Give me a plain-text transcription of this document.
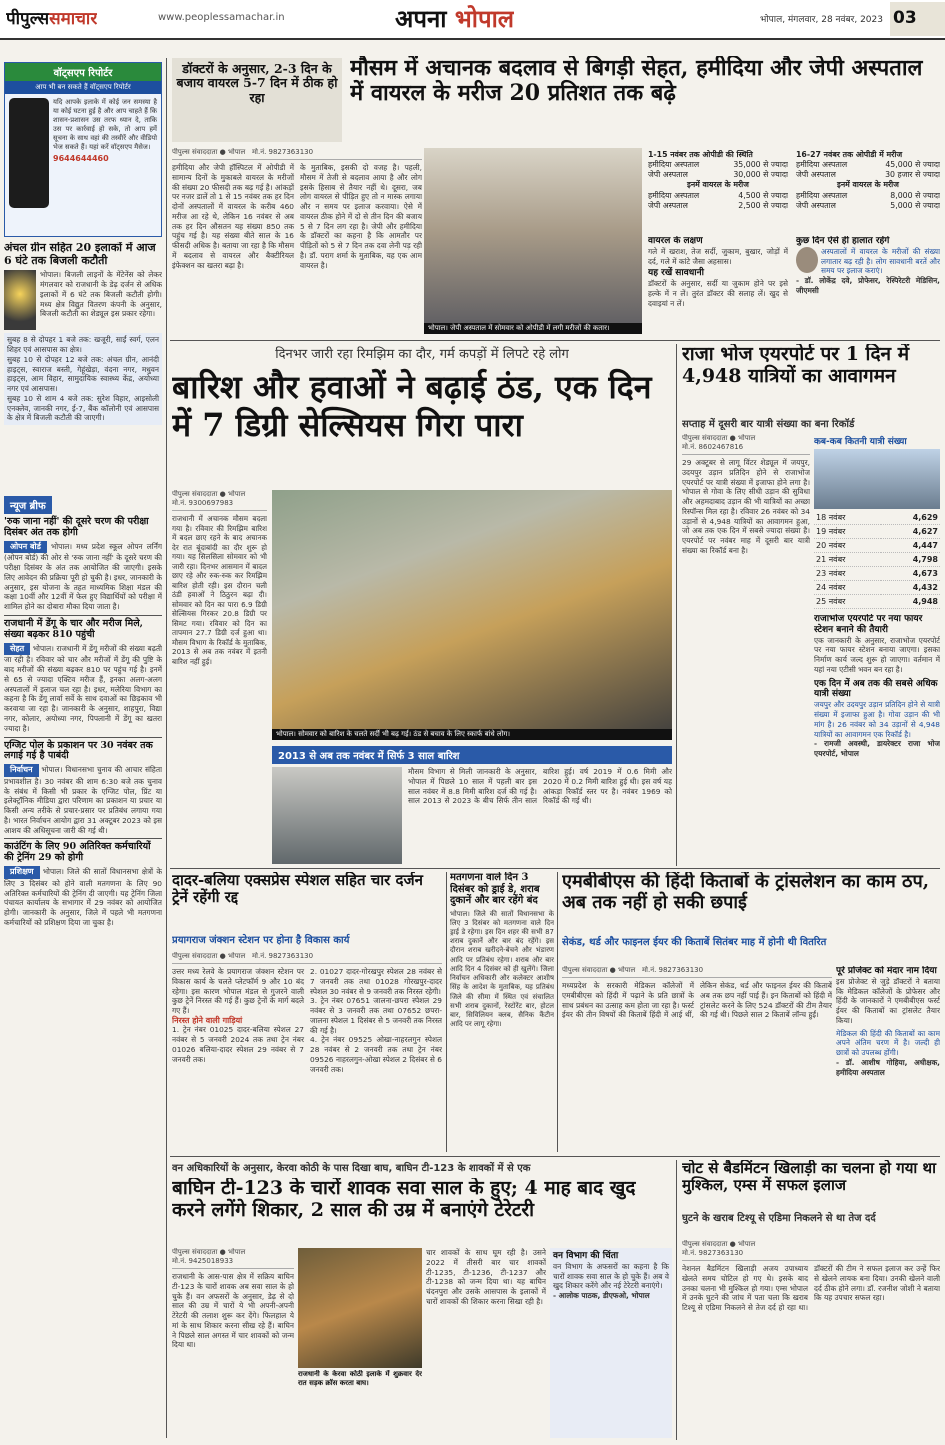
पीपुल्ससमाचार	www.peoplessamachar.in	अपना भोपाल	भोपाल, मंगलवार, 28 नवंबर, 2023 03
वॉट्सएप रिपोर्टर
आप भी बन सकते हैं वॉट्सएप रिपोर्टर
यदि आपके इलाके में कोई जन समस्या है या कोई घटना हुई है और आप चाहते हैं कि शासन-प्रशासन उस तरफ ध्यान दे, ताकि उस पर कार्रवाई हो सके, तो आप हमें सूचना के साथ वहां की तस्वीरें और वीडियो भेज सकते हैं। यहां करें वॉट्सएप मैसेज।
9644644460
अंचल ग्रीन सहित 20 इलाकों में आज 6 घंटे तक बिजली कटौती
भोपाल। बिजली लाइनों के मेंटेनेंस को लेकर मंगलवार को राजधानी के डेढ़ दर्जन से अधिक इलाकों में 6 घंटे तक बिजली कटौती होगी। मध्य क्षेत्र विद्युत वितरण कंपनी के अनुसार, बिजली कटौती का शेड्यूल इस प्रकार रहेगा।
सुबह 8 से दोपहर 1 बजे तक: खजूरी, साईं स्वर्ग, एलन शिहर एवं आसपास का क्षेत्र।
सुबह 10 से दोपहर 12 बजे तक: अंचल ग्रीन, आनंदी हाइट्स, स्वाराज बस्ती, गेहूंखेड़ा, वंदना नगर, मधुवन हाइट्स, आम विहार, सामुदायिक स्वास्थ्य केंद्र, अयोध्या नगर एवं आसपास।
सुबह 10 से शाम 4 बजे तक: सुरेश विहार, आइसोली एनक्लेव, जानकी नगर, ई-7, बैंक कॉलोनी एवं आसपास के क्षेत्र में बिजली कटौती की जाएगी।
न्यूज ब्रीफ
'रुक जाना नहीं' की दूसरे चरण की परीक्षा दिसंबर अंत तक होगी
ओपन बोर्ड भोपाल। मध्य प्रदेश स्कूल ओपन लर्निंग (ओपन बोर्ड) की ओर से 'रुक जाना नहीं' के दूसरे चरण की परीक्षा दिसंबर के अंत तक आयोजित की जाएगी। इसके लिए आवेदन की प्रक्रिया पूरी हो चुकी है। इधर, जानकारी के अनुसार, इस योजना के तहत माध्यमिक शिक्षा मंडल की कक्षा 10वीं और 12वीं में फेल हुए विद्यार्थियों को परीक्षा में शामिल होने का दोबारा मौका दिया जाता है।
राजधानी में डेंगू के चार और मरीज मिले, संख्या बढ़कर 810 पहुंची
सेहत भोपाल। राजधानी में डेंगू मरीजों की संख्या बढ़ती जा रही है। रविवार को चार और मरीजों में डेंगू की पुष्टि के बाद मरीजों की संख्या बढ़कर 810 पर पहुंच गई है। इनमें से 65 से ज्यादा एक्टिव मरीज हैं, इनका अलग-अलग अस्पतालों में इलाज चल रहा है। इधर, मलेरिया विभाग का कहना है कि डेंगू लार्वा सर्वे के साथ दवाओं का छिड़काव भी करवाया जा रहा है। जानकारी के अनुसार, शाहपुरा, विद्या नगर, कोलार, अयोध्या नगर, पिपलानी में डेंगू का खतरा ज्यादा है।
एग्जिट पोल के प्रकाशन पर 30 नवंबर तक लगाई गई है पाबंदी
निर्वाचन भोपाल। विधानसभा चुनाव की आचार संहिता प्रभावशील है। 30 नवंबर की शाम 6:30 बजे तक चुनाव के संबंध में किसी भी प्रकार के एग्जिट पोल, प्रिंट या इलेक्ट्रॉनिक मीडिया द्वारा परिणाम का प्रकाशन या प्रचार या किसी अन्य तरीके से प्रचार-प्रसार पर प्रतिबंध लगाया गया है। भारत निर्वाचन आयोग द्वारा 31 अक्टूबर 2023 को इस आशय की अधिसूचना जारी की गई थी।
काउंटिंग के लिए 90 अतिरिक्त कर्मचारियों की ट्रेनिंग 29 को होगी
प्रशिक्षण भोपाल। जिले की सातों विधानसभा क्षेत्रों के लिए 3 दिसंबर को होने वाली मतगणना के लिए 90 अतिरिक्त कर्मचारियों की ट्रेनिंग दी जाएगी। यह ट्रेनिंग जिला पंचायत कार्यालय के सभागार में 29 नवंबर को आयोजित होगी। जानकारी के अनुसार, जिले में पहले भी मतगणना कर्मचारियों को प्रशिक्षण दिया जा चुका है।
डॉक्टरों के अनुसार, 2-3 दिन के बजाय वायरल 5-7 दिन में ठीक हो रहा
मौसम में अचानक बदलाव से बिगड़ी सेहत, हमीदिया और जेपी अस्पताल में वायरल के मरीज 20 प्रतिशत तक बढ़े
पीपुल्स संवाददाता ● भोपाल मो.नं. 9827363130
हमीदिया और जेपी हॉस्पिटल में ओपीडी में सामान्य दिनों के मुकाबले वायरल के मरीजों की संख्या 20 फीसदी तक बढ़ गई है। आंकड़ों पर नजर डालें तो 1 से 15 नवंबर तक हर दिन दोनों अस्पतालों में वायरल के करीब 460 मरीज आ रहे थे, लेकिन 16 नवंबर से अब तक हर दिन औसतन यह संख्या 850 तक पहुंच गई है। यह संख्या बीते साल के 16 फीसदी अधिक है। बताया जा रहा है कि मौसम में बदलाव से वायरल और बैक्टीरियल इंफेक्शन का खतरा बढ़ा है।
के मुताबिक, इसकी दो वजह है। पहली, मौसम में तेजी से बदलाव आया है और लोग इसके हिसाब से तैयार नहीं थे। दूसरा, जब लोग वायरल से पीड़ित हुए तो न मास्क लगाया और न समय पर इलाज करवाया। ऐसे में वायरल ठीक होने में दो से तीन दिन की बजाय 5 से 7 दिन लग रहा है। जेपी और हमीदिया के डॉक्टरों का कहना है कि आमतौर पर पीड़ितों को 5 से 7 दिन तक दवा लेनी पड़ रही है। डॉ. पराग शर्मा के मुताबिक, यह एक आम वायरल है।
भोपाल। जेपी अस्पताल में सोमवार को ओपीडी में लगी मरीजों की कतार।
1-15 नवंबर तक ओपीडी की स्थिति
हमीदिया अस्पताल	35,000 से ज्यादा
जेपी अस्पताल	30,000 से ज्यादा
इनमें वायरल के मरीज
हमीदिया अस्पताल	4,500 से ज्यादा
जेपी अस्पताल	2,500 से ज्यादा
16-27 नवंबर तक ओपीडी में मरीज
हमीदिया अस्पताल	45,000 से ज्यादा
जेपी अस्पताल	30 हजार से ज्यादा
इनमें वायरल के मरीज
हमीदिया अस्पताल	8,000 से ज्यादा
जेपी अस्पताल	5,000 से ज्यादा
वायरल के लक्षण
गले में खराश, तेज सर्दी, जुकाम, बुखार, जोड़ों में दर्द, गले में कांटे जैसा अहसास।
यह रखें सावधानी
डॉक्टरों के अनुसार, सर्दी या जुकाम होने पर इसे हल्के में न लें। तुरंत डॉक्टर की सलाह लें। खुद से दवाइयां न लें।
कुछ दिन ऐसे ही हालात रहेंगे
अस्पतालों में वायरल के मरीजों की संख्या लगातार बढ़ रही है। लोग सावधानी बरतें और समय पर इलाज कराएं।
- डॉ. लोकेंद्र दवे, प्रोफेसर, रेस्पिरेटरी मेडिसिन, जीएमसी
दिनभर जारी रहा रिमझिम का दौर, गर्म कपड़ों में लिपटे रहे लोग
बारिश और हवाओं ने बढ़ाई ठंड, एक दिन में 7 डिग्री सेल्सियस गिरा पारा
पीपुल्स संवाददाता ● भोपाल
मो.नं. 9300697983
राजधानी में अचानक मौसम बदला गया है। रविवार की रिमझिम बारिश में बदल छाए रहने के बाद अचानक देर रात बूंदाबांदी का दौर शुरू हो गया। यह सिलसिला सोमवार को भी जारी रहा। दिनभर आसमान में बादल छाए रहे और रुक-रुक कर रिमझिम बारिश होती रही। इस दौरान चली ठंडी हवाओं ने ठिठुरन बढ़ा दी। सोमवार को दिन का पारा 6.9 डिग्री सेल्सियस गिरकर 20.8 डिग्री पर सिमट गया। रविवार को दिन का तापमान 27.7 डिग्री दर्ज हुआ था। मौसम विभाग के रिकॉर्ड के मुताबिक, 2013 से अब तक नवंबर में इतनी बारिश नहीं हुई।
भोपाल। सोमवार को बारिश के चलते सर्दी भी बढ़ गई। ठंड से बचाव के लिए स्कार्फ बांधे लोग।
2013 से अब तक नवंबर में सिर्फ 3 साल बारिश
मौसम विभाग से मिली जानकारी के अनुसार, भोपाल में पिछले 10 साल में पहली बार इस साल नवंबर में 8.8 मिमी बारिश दर्ज की गई है। साल 2013 से 2023 के बीच सिर्फ तीन साल बारिश हुई। वर्ष 2019 में 0.6 मिमी और 2020 में 0.2 मिमी बारिश हुई थी। इस वर्ष यह आंकड़ा रिकॉर्ड स्तर पर है। नवंबर 1969 को रिकॉर्ड की गई थी।
राजा भोज एयरपोर्ट पर 1 दिन में 4,948 यात्रियों का आवागमन
सप्ताह में दूसरी बार यात्री संख्या का बना रिकॉर्ड
पीपुल्स संवाददाता ● भोपाल
मो.नं. 8602467816
29 अक्टूबर से लागू विंटर शेड्यूल में जयपुर, उदयपुर उड़ान प्रतिदिन होने से राजाभोज एयरपोर्ट पर यात्री संख्या में इजाफा होने लगा है। भोपाल से गोवा के लिए सीधी उड़ान की सुविधा और अहमदाबाद उड़ान की भी यात्रियों का अच्छा रिस्पॉन्स मिल रहा है। रविवार 26 नवंबर को 34 उड़ानों से 4,948 यात्रियों का आवागमन हुआ, जो अब तक एक दिन में सबसे ज्यादा संख्या है। एयरपोर्ट पर नवंबर माह में दूसरी बार यात्री संख्या का रिकॉर्ड बना है।
कब-कब कितनी यात्री संख्या
18 नवंबर	4,629
19 नवंबर	4,627
20 नवंबर	4,447
21 नवंबर	4,798
23 नवंबर	4,673
24 नवंबर	4,432
25 नवंबर	4,948
राजाभोज एयरपोर्ट पर नया फायर स्टेशन बनाने की तैयारी
एक जानकारी के अनुसार, राजाभोज एयरपोर्ट पर नया फायर स्टेशन बनाया जाएगा। इसका निर्माण कार्य जल्द शुरू हो जाएगा। वर्तमान में यहां नया एटीसी भवन बन रहा है।
एक दिन में अब तक की सबसे अधिक यात्री संख्या
जयपुर और उदयपुर उड़ान प्रतिदिन होने से यात्री संख्या में इजाफा हुआ है। गोवा उड़ान की भी मांग है। 26 नवंबर को 34 उड़ानों से 4,948 यात्रियों का आवागमन एक रिकॉर्ड है।
- रामजी अवस्थी, डायरेक्टर राजा भोज एयरपोर्ट, भोपाल
दादर-बलिया एक्सप्रेस स्पेशल सहित चार दर्जन ट्रेनें रहेंगी रद्द
प्रयागराज जंक्शन स्टेशन पर होना है विकास कार्य
पीपुल्स संवाददाता ● भोपाल मो.नं. 9827363130
उत्तर मध्य रेलवे के प्रयागराज जंक्शन स्टेशन पर विकास कार्य के चलते प्लेटफॉर्म 9 और 10 बंद रहेगा। इस कारण भोपाल मंडल से गुजरने वाली कुछ ट्रेनें निरस्त की गई हैं। कुछ ट्रेनों के मार्ग बदले गए हैं।
निरस्त होने वाली गाड़ियां
1. ट्रेन नंबर 01025 दादर-बलिया स्पेशल 27 नवंबर से 5 जनवरी 2024 तक तथा ट्रेन नंबर 01026 बलिया-दादर स्पेशल 29 नवंबर से 7 जनवरी तक।
2. 01027 दादर-गोरखपुर स्पेशल 28 नवंबर से 7 जनवरी तक तथा 01028 गोरखपुर-दादर स्पेशल 30 नवंबर से 9 जनवरी तक निरस्त रहेगी।
3. ट्रेन नंबर 07651 जालना-छपरा स्पेशल 29 नवंबर से 3 जनवरी तक तथा 07652 छपरा-जालना स्पेशल 1 दिसंबर से 5 जनवरी तक निरस्त की गई है।
4. ट्रेन नंबर 09525 ओखा-नाहरलगुन स्पेशल 28 नवंबर से 2 जनवरी तक तथा ट्रेन नंबर 09526 नाहरलगुन-ओखा स्पेशल 2 दिसंबर से 6 जनवरी तक।
मतगणना वाले दिन 3 दिसंबर को ड्राई डे, शराब दुकानें और बार रहेंगे बंद
भोपाल। जिले की सातों विधानसभा के लिए 3 दिसंबर को मतगणना वाले दिन ड्राई डे रहेगा। इस दिन शहर की सभी 87 शराब दुकानें और बार बंद रहेंगे। इस दौरान शराब खरीदने-बेचने और भंडारण आदि पर प्रतिबंध रहेगा। शराब और बार आदि दिन 4 दिसंबर को ही खुलेंगे। जिला निर्वाचन अधिकारी और कलेक्टर आशीष सिंह के आदेश के मुताबिक, यह प्रतिबंध जिले की सीमा में स्थित एवं संचालित सभी शराब दुकानों, रेस्टोरेंट बार, होटल बार, सिविलियन क्लब, सैनिक कैंटीन आदि पर लागू रहेगा।
एमबीबीएस की हिंदी किताबों के ट्रांसलेशन का काम ठप, अब तक नहीं हो सकी छपाई
सेकंड, थर्ड और फाइनल ईयर की किताबें सितंबर माह में होनी थी वितरित
पीपुल्स संवाददाता ● भोपाल मो.नं. 9827363130
मध्यप्रदेश के सरकारी मेडिकल कॉलेजों में एमबीबीएस को हिंदी में पढ़ाने के प्रति छात्रों के साथ प्रबंधन का उत्साह कम होता जा रहा है। फर्स्ट ईयर की तीन विषयों की किताबें हिंदी में आई थीं, लेकिन सेकंड, थर्ड और फाइनल ईयर की किताबें अब तक छप नहीं पाई हैं। इन किताबों को हिंदी में ट्रांसलेट करने के लिए 524 डॉक्टरों की टीम तैयार की गई थी। पिछले साल 2 किताबें लॉन्च हुईं।
पूरे प्रोजेक्ट को मंदार नाम दिया
इस प्रोजेक्ट से जुड़े डॉक्टरों ने बताया कि मेडिकल कॉलेजों के प्रोफेसर और हिंदी के जानकारों ने एमबीबीएस फर्स्ट ईयर की किताबों का ट्रांसलेट तैयार किया।
मेडिकल की हिंदी की किताबों का काम अपने अंतिम चरण में है। जल्दी ही छात्रों को उपलब्ध होंगी।
- डॉ. आशीष गोहिया, अधीक्षक, हमीदिया अस्पताल
वन अधिकारियों के अनुसार, केरवा कोठी के पास दिखा बाघ, बाघिन टी-123 के शावकों में से एक
बाघिन टी-123 के चारों शावक सवा साल के हुए; 4 माह बाद खुद करने लगेंगे शिकार, 2 साल की उम्र में बनाएंगे टेरेटरी
पीपुल्स संवाददाता ● भोपाल
मो.नं. 9425018933
राजधानी के आस-पास क्षेत्र में सक्रिय बाघिन टी-123 के चारों शावक अब सवा साल के हो चुके हैं। वन अफसरों के अनुसार, डेढ़ से दो साल की उम्र में चारों ये भी अपनी-अपनी टेरेटरी की तलाश शुरू कर देंगे। फिलहाल ये मां के साथ शिकार करना सीख रहे हैं। बाघिन ने पिछले साल अगस्त में चार शावकों को जन्म दिया था।
राजधानी के केरवा कोठी इलाके में शुक्रवार देर रात सड़क क्रॉस करता बाघ।
चार शावकों के साथ घूम रही है। उसने 2022 में तीसरी बार चार शावकों टी-1235, टी-1236, टी-1237 और टी-1238 को जन्म दिया था। यह बाघिन चंदनपुरा और उसके आसपास के इलाकों में चारों शावकों की शिकार करना सिखा रही है।
वन विभाग की चिंता
वन विभाग के अफसरों का कहना है कि चारों शावक सवा साल के हो चुके हैं। अब वे खुद शिकार करेंगे और नई टेरेटरी बनाएंगे।
- आलोक पाठक, डीएफओ, भोपाल
चोट से बैडमिंटन खिलाड़ी का चलना हो गया था मुश्किल, एम्स में सफल इलाज
घुटने के खराब टिश्यू से एडिमा निकलने से था तेज दर्द
पीपुल्स संवाददाता ● भोपाल
मो.नं. 9827363130
नेशनल बैडमिंटन खिलाड़ी अजय उपाध्याय खेलते समय चोटिल हो गए थे। इसके बाद उनका चलना भी मुश्किल हो गया। एम्स भोपाल में उनके घुटने की जांच में पता चला कि खराब टिश्यू से एडिमा निकलने से तेज दर्द हो रहा था। डॉक्टरों की टीम ने सफल इलाज कर उन्हें फिर से खेलने लायक बना दिया। उनकी खेलने वाली दर्द ठीक होने लगा। डॉ. रजनीश जोशी ने बताया कि यह उपचार सफल रहा।
